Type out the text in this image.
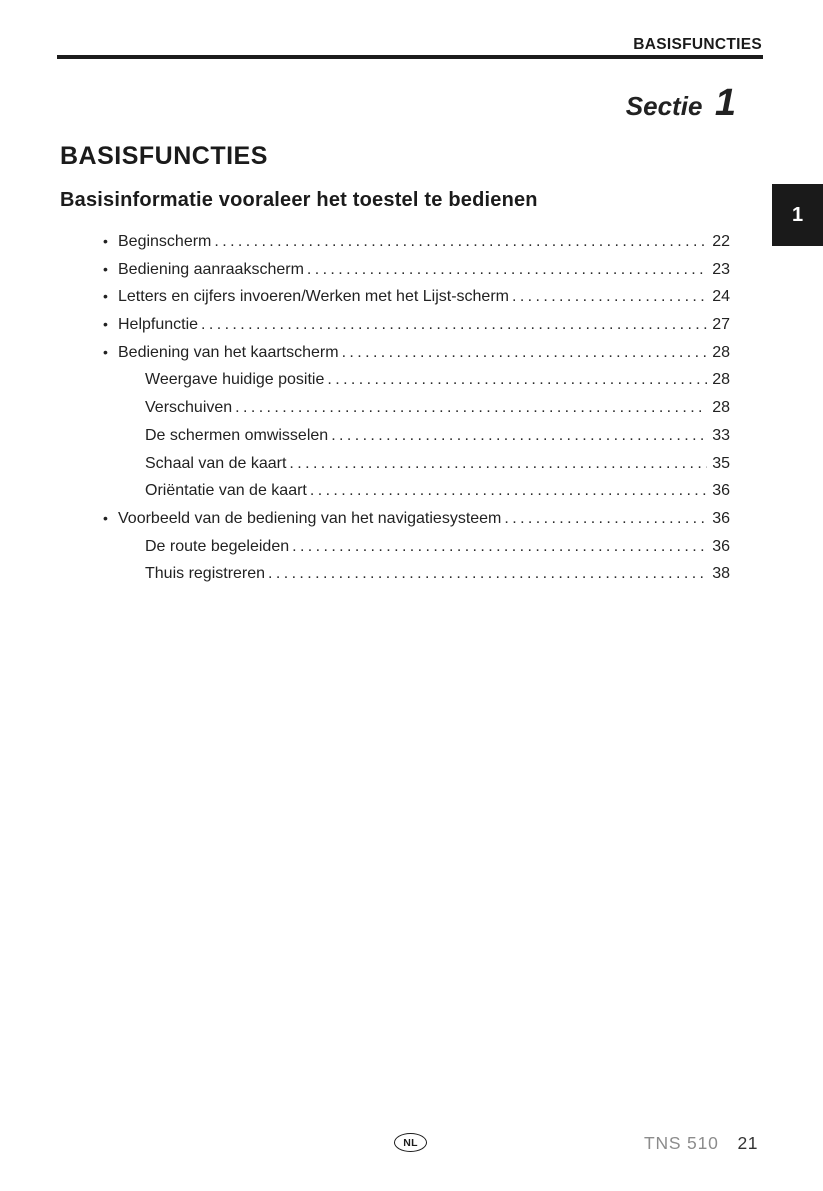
BASISFUNCTIES
Sectie 1
1
BASISFUNCTIES
Basisinformatie vooraleer het toestel te bedienen
• Beginscherm .....	22
• Bediening aanraakscherm .....	23
• Letters en cijfers invoeren/Werken met het Lijst-scherm .....	24
• Helpfunctie .....	27
• Bediening van het kaartscherm .....	28
Weergave huidige positie .....	28
Verschuiven .....	28
De schermen omwisselen .....	33
Schaal van de kaart .....	35
Oriëntatie van de kaart .....	36
• Voorbeeld van de bediening van het navigatiesysteem .....	36
De route begeleiden .....	36
Thuis registreren .....	38
NL	TNS 510 21
